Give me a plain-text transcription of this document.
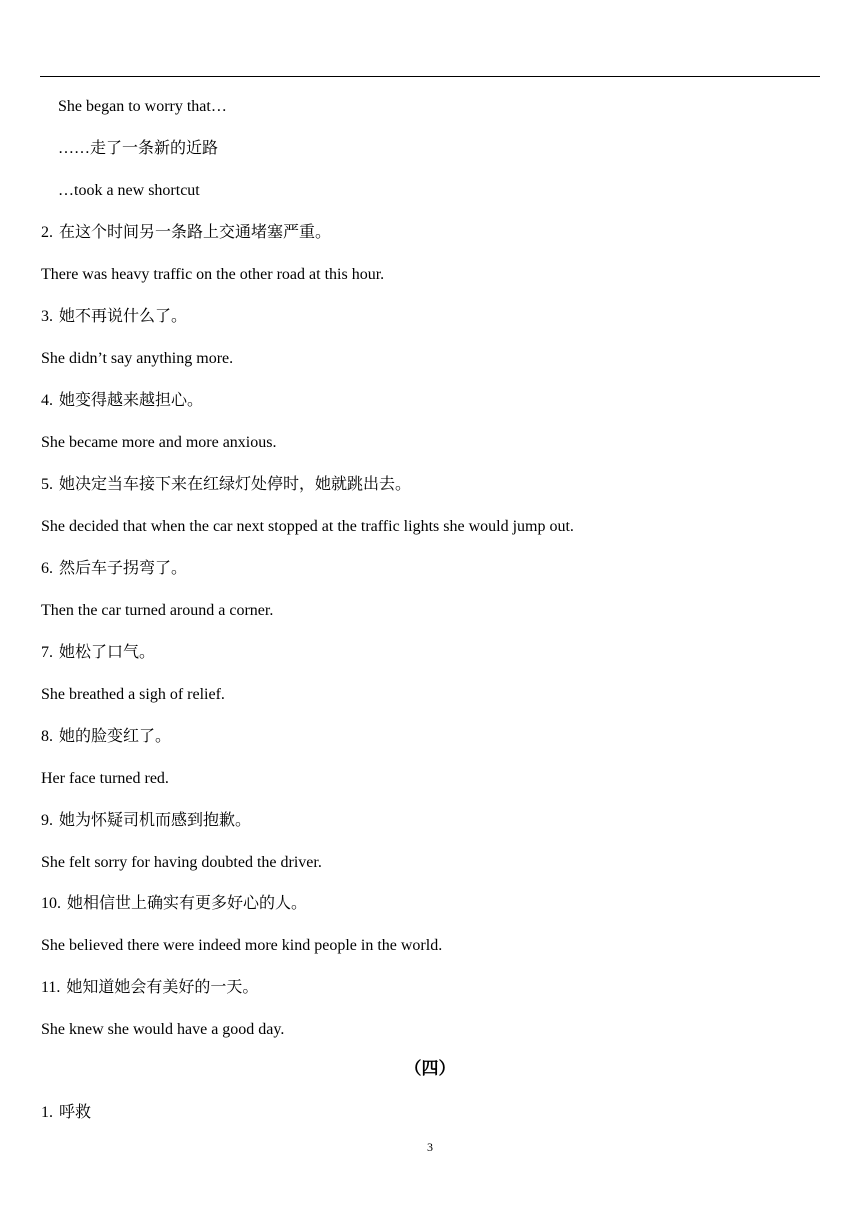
She began to worry that…
……走了一条新的近路
…took a new shortcut
2. 在这个时间另一条路上交通堵塞严重。
There was heavy traffic on the other road at this hour.
3. 她不再说什么了。
She didn’t say anything more.
4. 她变得越来越担心。
She became more and more anxious.
5. 她决定当车接下来在红绿灯处停时，她就跳出去。
She decided that when the car next stopped at the traffic lights she would jump out.
6. 然后车子拐弯了。
Then the car turned around a corner.
7. 她松了口气。
She breathed a sigh of relief.
8. 她的脸变红了。
Her face turned red.
9. 她为怀疑司机而感到抱歉。
She felt sorry for having doubted the driver.
10. 她相信世上确实有更多好心的人。
She believed there were indeed more kind people in the world.
11. 她知道她会有美好的一天。
She knew she would have a good day.
（四）
1. 呼救
3
